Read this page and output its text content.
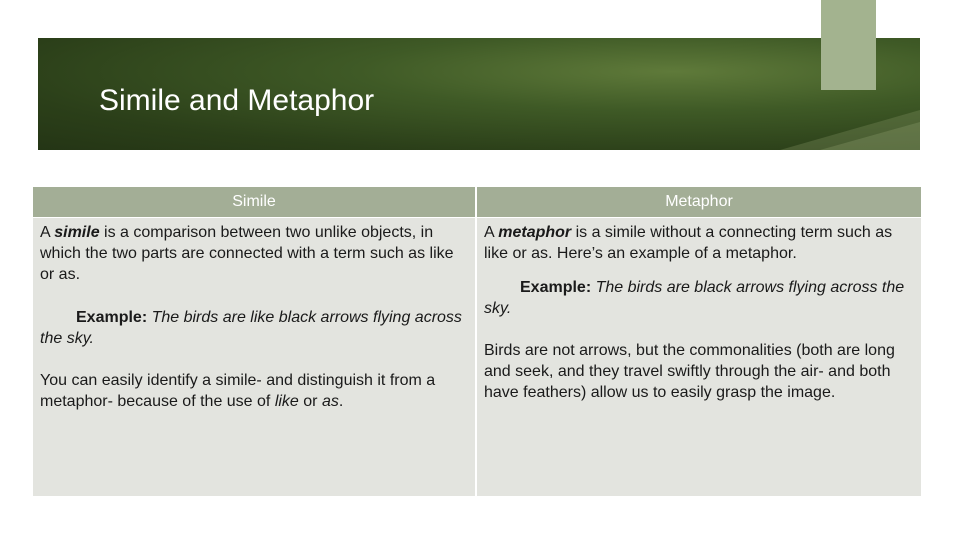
Simile and Metaphor
Simile	Metaphor

A simile is a comparison between two unlike objects, in which the two parts are connected with a term such as like or as.

Example: The birds are like black arrows flying across the sky.

You can easily identify a simile- and distinguish it from a metaphor- because of the use of like or as.

A metaphor is a simile without a connecting term such as like or as. Here’s an example of a metaphor.

Example: The birds are black arrows flying across the sky.

Birds are not arrows, but the commonalities (both are long and seek, and they travel swiftly through the air- and both have feathers) allow us to easily grasp the image.
